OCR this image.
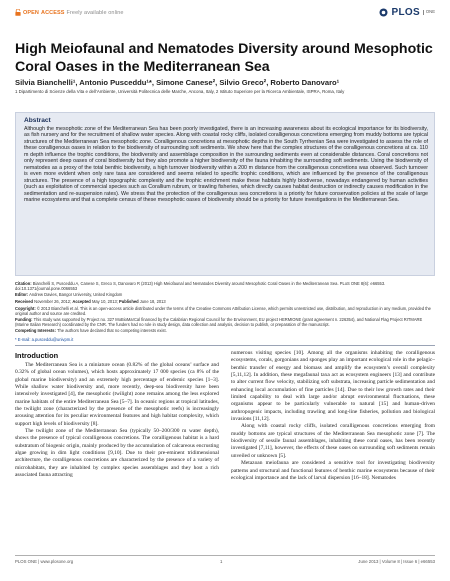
OPEN ACCESS Freely available online	PLOS	ONE
High Meiofaunal and Nematodes Diversity around Mesophotic Coral Oases in the Mediterranean Sea
Silvia Bianchelli¹, Antonio Pusceddu¹*, Simone Canese², Silvio Greco², Roberto Danovaro¹
1 Dipartimento di Scienze della Vita e dell’Ambiente, Università Politecnica delle Marche, Ancona, Italy, 2 Istituto Superiore per la Ricerca Ambientale, ISPRA, Roma, Italy
Abstract
Although the mesophotic zone of the Mediterranean Sea has been poorly investigated, there is an increasing awareness about its ecological importance for its biodiversity, as fish nursery and for the recruitment of shallow water species. Along with coastal rocky cliffs, isolated coralligenous concretions emerging from muddy bottoms are typical structures of the Mediterranean Sea mesophotic zone. Coralligenous concretions at mesophotic depths in the South Tyrrhenian Sea were investigated to assess the role of these coralligenous oases in relation to the biodiversity of surrounding soft sediments. We show here that the complex structures of the coralligenous concretions at ca. 110 m depth influence the trophic conditions, the biodiversity and assemblage composition in the surrounding sediments even at considerable distances. Coral concretions not only represent deep oases of coral biodiversity but they also promote a higher biodiversity of the fauna inhabiting the surrounding soft sediments. Using the biodiversity of nematodes as a proxy of the total benthic biodiversity, a high turnover biodiversity within a 200 m distance from the coralligenous concretions was observed. Such turnover is even more evident when only rare taxa are considered and seems related to specific trophic conditions, which are influenced by the presence of the coralligenous structures. The presence of a high topographic complexity and the trophic enrichment make these habitats highly biodiverse, nowadays endangered by human activities (such as exploitation of commercial species such as Corallium rubrum, or trawling fisheries, which directly causes habitat destruction or indirectly causes modification in the sedimentation and re-suspension rates). We stress that the protection of the coralligenous sea concretions is a priority for future conservation policies at the scale of large marine ecosystems and that a complete census of these mesophotic oases of biodiversity should be a priority for future investigations in the Mediterranean Sea.
Citation: Bianchelli S, Pusceddu A, Canese S, Greco S, Danovaro R (2013) High Meiofaunal and Nematodes Diversity around Mesophotic Coral Oases in the Mediterranean Sea. PLoS ONE 8(6): e66553. doi:10.1371/journal.pone.0066553
Editor: Andrew Davies, Bangor University, United Kingdom
Received November 26, 2012; Accepted May 10, 2013; Published June 18, 2013
Copyright: © 2013 Bianchelli et al. This is an open-access article distributed under the terms of the Creative Commons Attribution License, which permits unrestricted use, distribution, and reproduction in any medium, provided the original author and source are credited.
Funding: This study was supported by Project no. 327 MoBioMarCal financed by the Calabrian Regional Council for the Environment, EU project HERMIONE (grant agreement n. 226354), and National Flag Project RITMARE (Marine Italian Research) coordinated by the CNR. The funders had no role in study design, data collection and analysis, decision to publish, or preparation of the manuscript.
Competing Interests: The authors have declared that no competing interests exist.
* E-mail: a.pusceddu@univpm.it
Introduction

The Mediterranean Sea is a miniature ocean (0.82% of the global oceans’ surface and 0.32% of global ocean volumes), which hosts approximately 17 000 species (ca 8% of the global marine biodiversity) and an extremely high percentage of endemic species [1–3]. While shallow water biodiversity and, more recently, deep-sea biodiversity have been intensively investigated [4], the mesophotic (twilight) zone remains among the less explored marine habitats of the entire Mediterranean Sea [5–7]. In oceanic regions at tropical latitudes, the twilight zone (characterized by the presence of the mesophotic reefs) is increasingly arousing attention for its peculiar environmental features and high habitat complexity, which support high levels of biodiversity [8].

The twilight zone of the Mediterranean Sea (typically 50–200/300 m water depth), shows the presence of typical coralligenous concretions. The coralligenous habitat is a hard substratum of biogenic origin, mainly produced by the accumulation of calcareous encrusting algae growing in dim light conditions [9,10]. Due to their pre-eminent tridimensional architecture, the coralligenous concretions are characterized by the presence of a variety of microhabitats, they are inhabited by complex species assemblages and they host a rich associated fauna attracting

numerous visiting species [10]. Among all the organisms inhabiting the coralligenous ecosystems, corals, gorgonians and sponges play an important ecological role in the pelagic–benthic transfer of energy and biomass and amplify the ecosystem’s overall complexity [5,11,12]. In addition, these megafaunal taxa act as ecosystem engineers [13] and contribute to alter current flow velocity, stabilizing soft substrata, increasing particle sedimentation and enhancing local accumulation of fine particles [14]. Due to their low growth rates and their limited capability to deal with large and/or abrupt environmental fluctuations, these organisms appear to be particularly vulnerable to natural [15] and human-driven anthropogenic impacts, including trawling and long-line fisheries, pollution and biological invasions [11,12].

Along with coastal rocky cliffs, isolated coralligenous concretions emerging from muddy bottoms are typical structures of the Mediterranean Sea mesophotic zone [7]. The biodiversity of sessile faunal assemblages, inhabiting these coral oases, has been recently investigated [7,11], however, the effects of these oases on surrounding soft sediments remain unveiled or unknown [5].

Metazoan meiofauna are considered a sensitive tool for investigating biodiversity patterns and structural and functional features of benthic marine ecosystems because of their ecological importance and the lack of larval dispersion [16–18]. Nematodes

PLOS ONE | www.plosone.org	1	June 2013 | Volume 8 | Issue 6 | e66553
